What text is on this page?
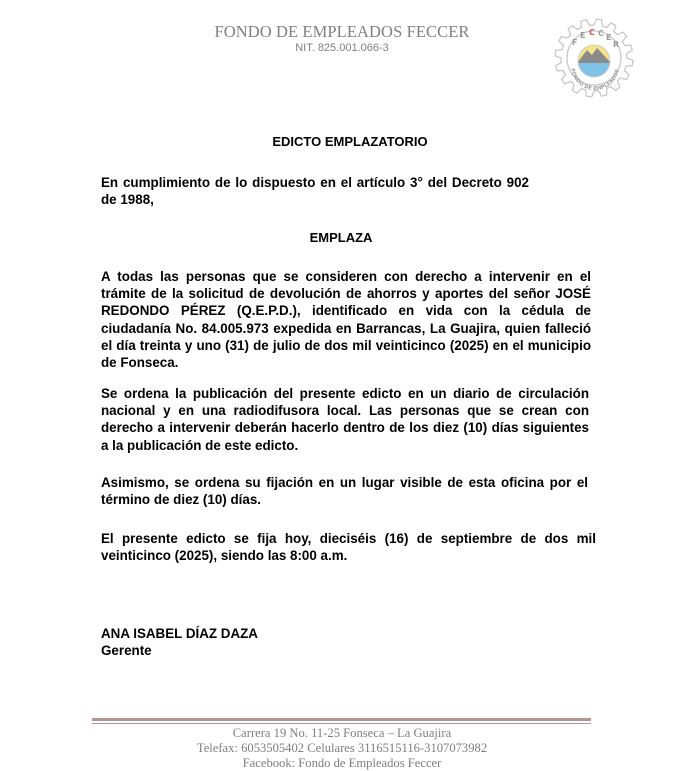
FONDO DE EMPLEADOS FECCER
NIT. 825.001.066-3	F
E C C E
R
FONDO DE EMPLEADOS
EDICTO EMPLAZATORIO

En cumplimiento de lo dispuesto en el artículo 3° del Decreto 902 de 1988,

EMPLAZA

A todas las personas que se consideren con derecho a intervenir en el trámite de la solicitud de devolución de ahorros y aportes del señor JOSÉ REDONDO PÉREZ (Q.E.P.D.), identificado en vida con la cédula de ciudadanía No. 84.005.973 expedida en Barrancas, La Guajira, quien falleció el día treinta y uno (31) de julio de dos mil veinticinco (2025) en el municipio de Fonseca.

Se ordena la publicación del presente edicto en un diario de circulación nacional y en una radiodifusora local. Las personas que se crean con derecho a intervenir deberán hacerlo dentro de los diez (10) días siguientes a la publicación de este edicto.

Asimismo, se ordena su fijación en un lugar visible de esta oficina por el término de diez (10) días.

El presente edicto se fija hoy, dieciséis (16) de septiembre de dos mil veinticinco (2025), siendo las 8:00 a.m.

ANA ISABEL DÍAZ DAZA
Gerente
Carrera 19 No. 11-25 Fonseca – La Guajira
Telefax: 6053505402 Celulares 3116515116-3107073982
Facebook: Fondo de Empleados Feccer
